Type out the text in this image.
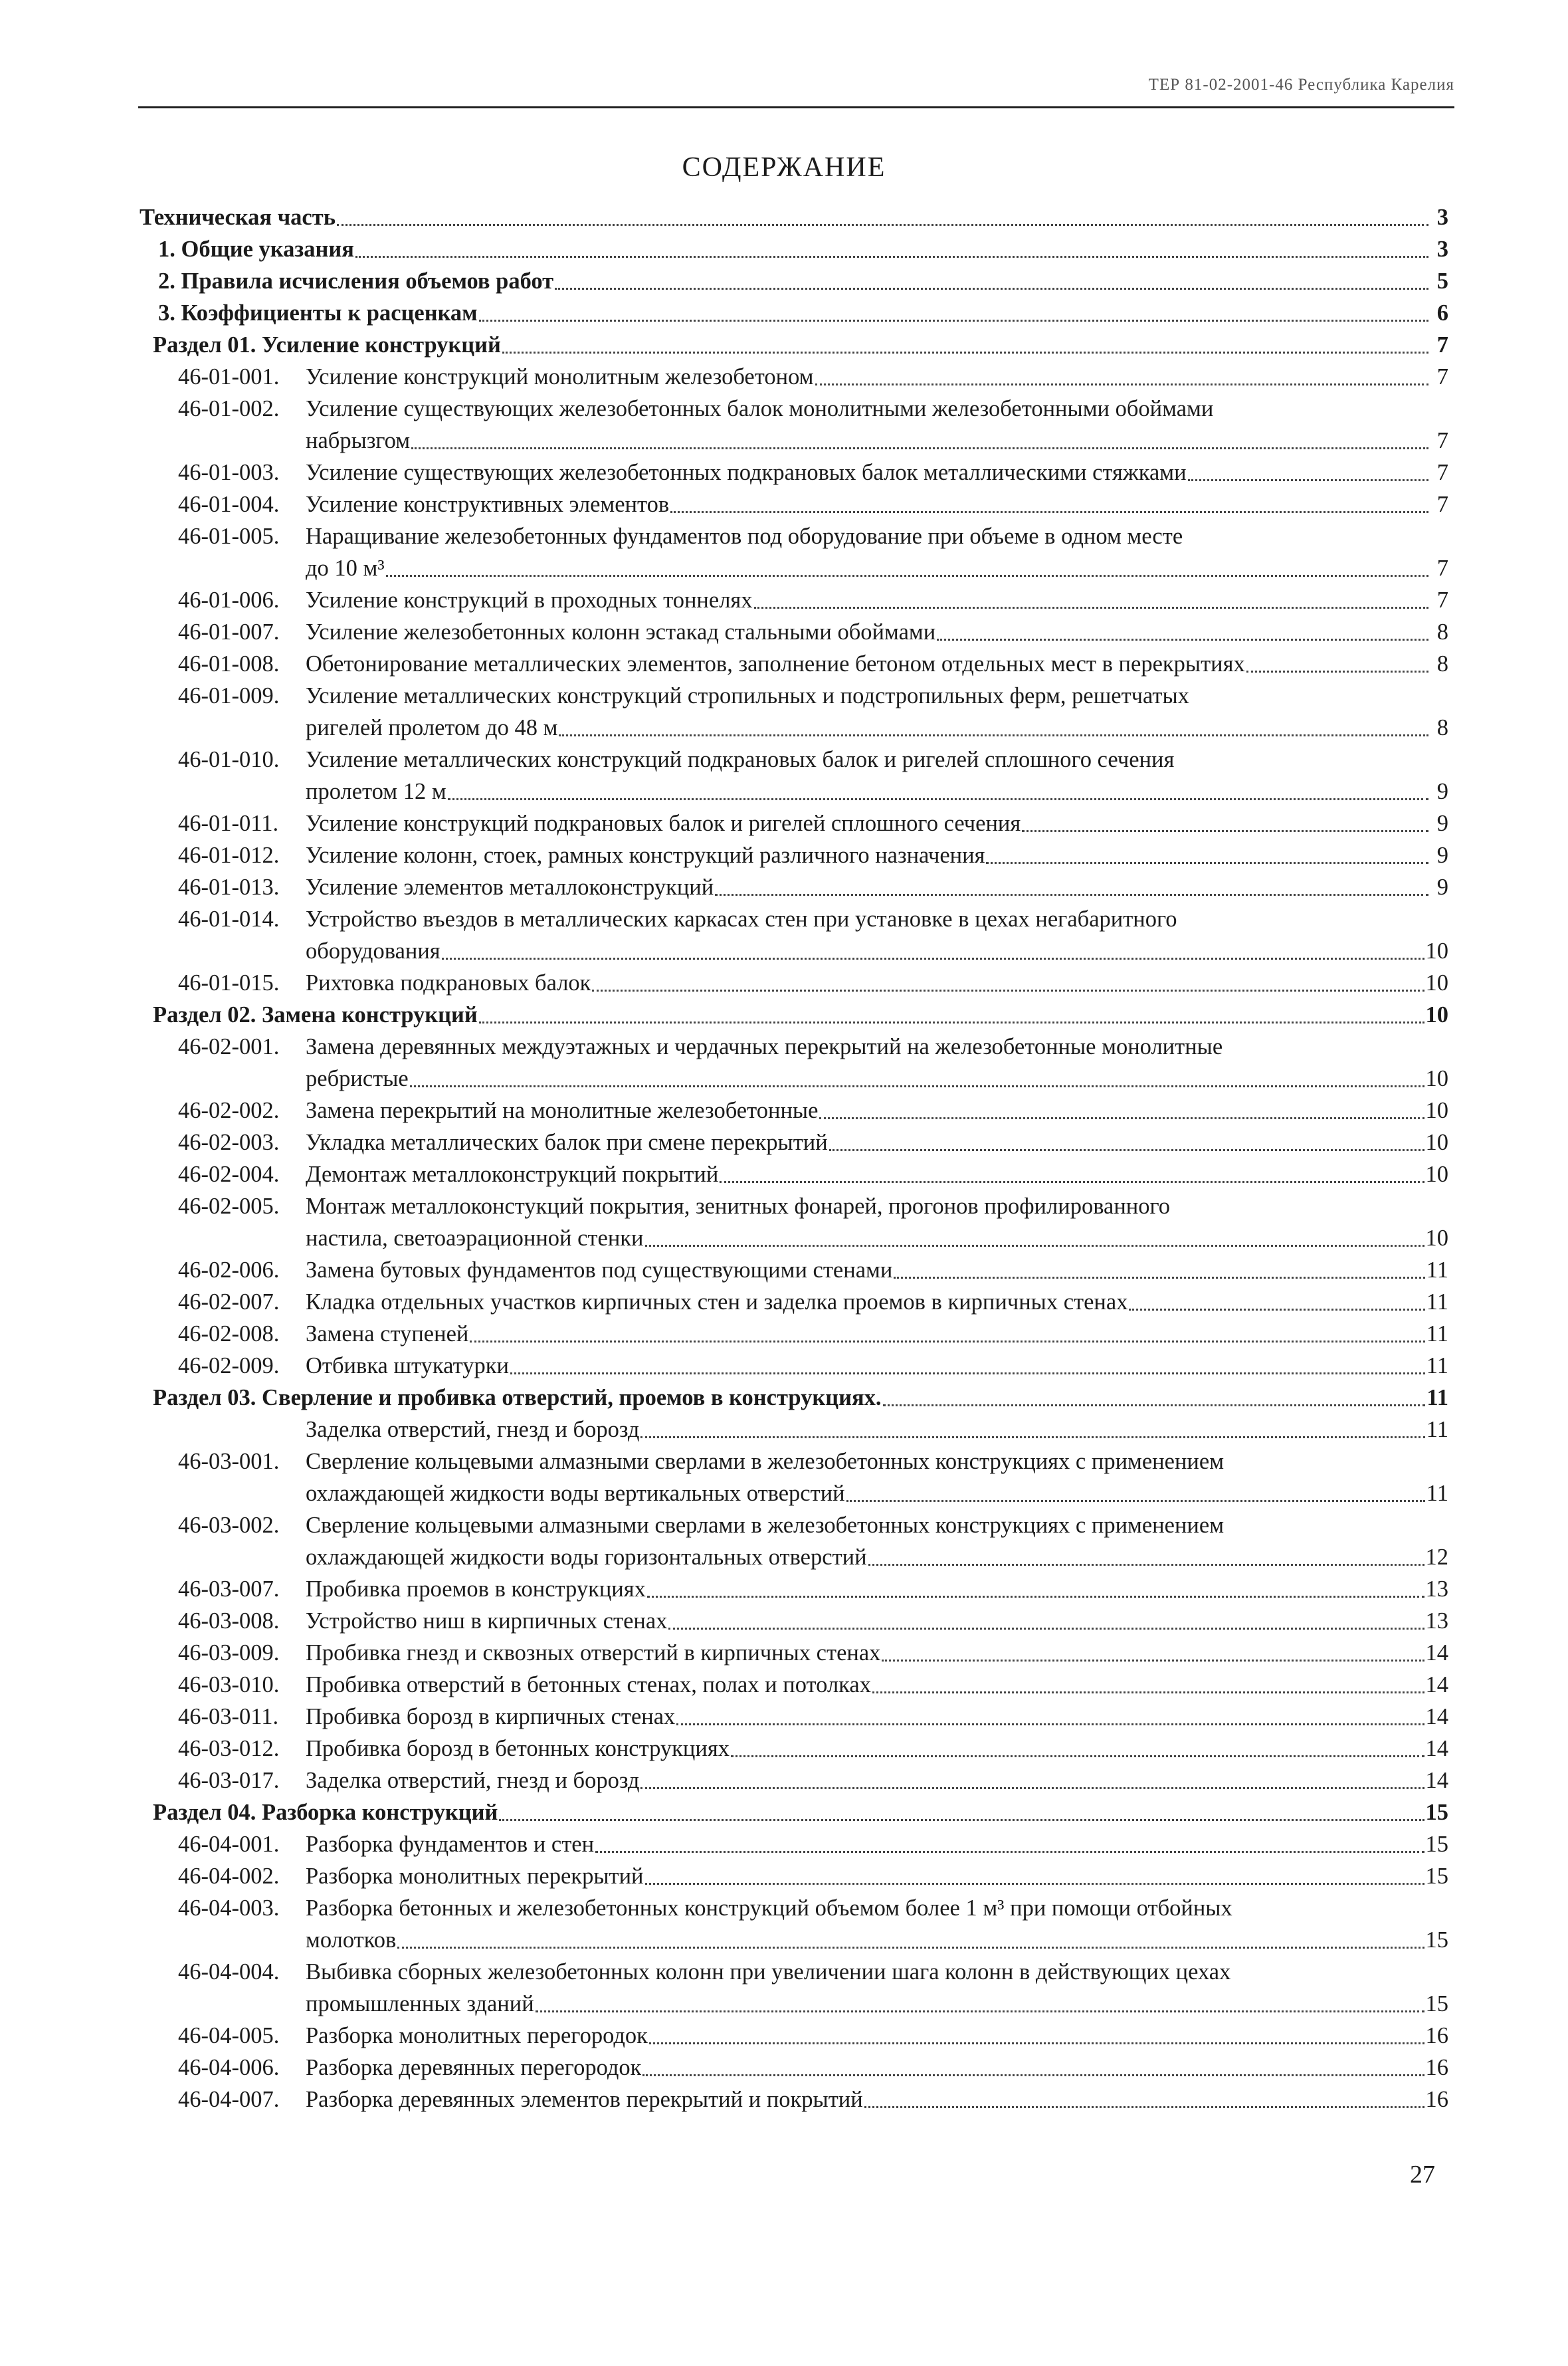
ТЕР 81-02-2001-46 Республика Карелия
СОДЕРЖАНИЕ
Техническая часть	3
1. Общие указания	3
2. Правила исчисления объемов работ	5
3. Коэффициенты к расценкам	6
Раздел 01. Усиление конструкций	7
46-01-001.	Усиление конструкций монолитным железобетоном	7
46-01-002.	Усиление существующих железобетонных балок монолитными железобетонными обоймами
набрызгом	7
46-01-003.	Усиление существующих железобетонных подкрановых балок металлическими стяжками	7
46-01-004.	Усиление конструктивных элементов	7
46-01-005.	Наращивание железобетонных фундаментов под оборудование при объеме в одном месте
до 10 м³	7
46-01-006.	Усиление конструкций в проходных тоннелях	7
46-01-007.	Усиление железобетонных колонн эстакад стальными обоймами	8
46-01-008.	Обетонирование металлических элементов, заполнение бетоном отдельных мест в перекрытиях	8
46-01-009.	Усиление металлических конструкций стропильных и подстропильных ферм, решетчатых
ригелей пролетом до 48 м	8
46-01-010.	Усиление металлических конструкций подкрановых балок и ригелей сплошного сечения
пролетом 12 м	9
46-01-011.	Усиление конструкций подкрановых балок и ригелей сплошного сечения	9
46-01-012.	Усиление колонн, стоек, рамных конструкций различного назначения	9
46-01-013.	Усиление элементов металлоконструкций	9
46-01-014.	Устройство въездов в металлических каркасах стен при установке в цехах негабаритного
оборудования	10
46-01-015.	Рихтовка подкрановых балок	10
Раздел 02. Замена конструкций	10
46-02-001.	Замена деревянных междуэтажных и чердачных перекрытий на железобетонные монолитные
ребристые	10
46-02-002.	Замена перекрытий на монолитные железобетонные	10
46-02-003.	Укладка металлических балок при смене перекрытий	10
46-02-004.	Демонтаж металлоконструкций покрытий	10
46-02-005.	Монтаж металлоконстукций покрытия, зенитных фонарей, прогонов профилированного
настила, светоаэрационной стенки	10
46-02-006.	Замена бутовых фундаментов под существующими стенами	11
46-02-007.	Кладка отдельных участков кирпичных стен и заделка проемов в кирпичных стенах	11
46-02-008.	Замена ступеней	11
46-02-009.	Отбивка штукатурки	11
Раздел 03. Сверление и пробивка отверстий, проемов в конструкциях.	11
Заделка отверстий, гнезд и борозд	11
46-03-001.	Сверление кольцевыми алмазными сверлами в железобетонных конструкциях с применением
охлаждающей жидкости воды вертикальных отверстий	11
46-03-002.	Сверление кольцевыми алмазными сверлами в железобетонных конструкциях с применением
охлаждающей жидкости воды горизонтальных отверстий	12
46-03-007.	Пробивка проемов в конструкциях	13
46-03-008.	Устройство ниш в кирпичных стенах	13
46-03-009.	Пробивка гнезд и сквозных отверстий в кирпичных стенах	14
46-03-010.	Пробивка отверстий в бетонных стенах, полах и потолках	14
46-03-011.	Пробивка борозд в кирпичных стенах	14
46-03-012.	Пробивка борозд в бетонных конструкциях	14
46-03-017.	Заделка отверстий, гнезд и борозд	14
Раздел 04. Разборка конструкций	15
46-04-001.	Разборка фундаментов и стен	15
46-04-002.	Разборка монолитных перекрытий	15
46-04-003.	Разборка бетонных и железобетонных конструкций объемом более 1 м³ при помощи отбойных
молотков	15
46-04-004.	Выбивка сборных железобетонных колонн при увеличении шага колонн в действующих цехах
промышленных зданий	15
46-04-005.	Разборка монолитных перегородок	16
46-04-006.	Разборка деревянных перегородок	16
46-04-007.	Разборка деревянных элементов перекрытий и покрытий	16
27
